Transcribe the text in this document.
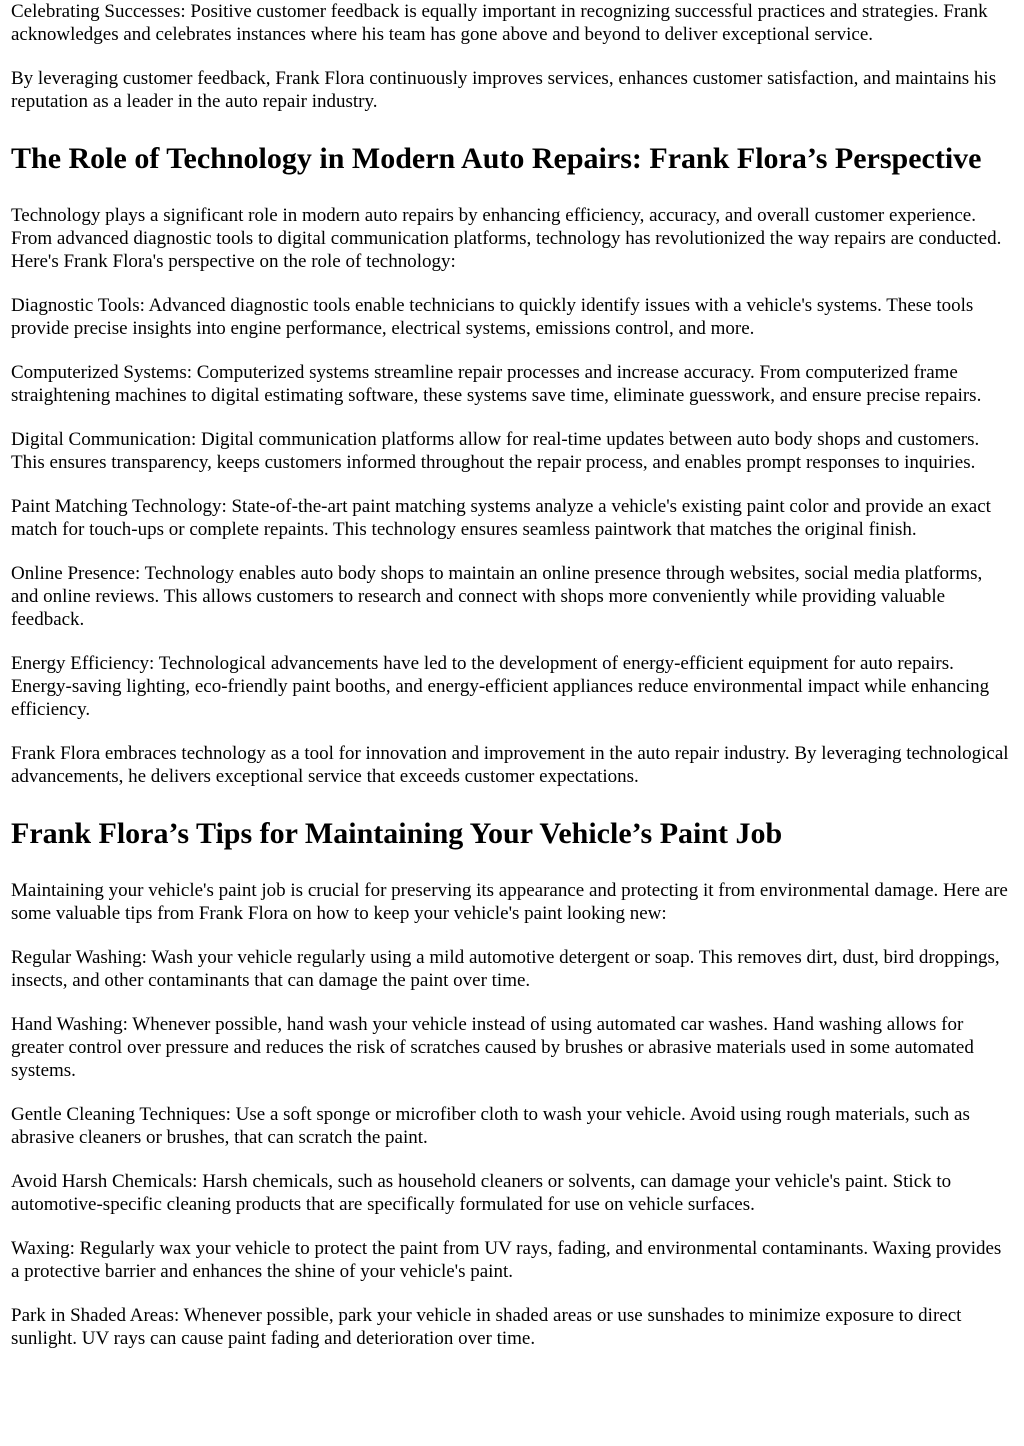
Celebrating Successes: Positive customer feedback is equally important in recognizing successful practices and strategies. Frank acknowledges and celebrates instances where his team has gone above and beyond to deliver exceptional service.

By leveraging customer feedback, Frank Flora continuously improves services, enhances customer satisfaction, and maintains his reputation as a leader in the auto repair industry.

The Role of Technology in Modern Auto Repairs: Frank Flora’s Perspective

Technology plays a significant role in modern auto repairs by enhancing efficiency, accuracy, and overall customer experience. From advanced diagnostic tools to digital communication platforms, technology has revolutionized the way repairs are conducted. Here's Frank Flora's perspective on the role of technology:

Diagnostic Tools: Advanced diagnostic tools enable technicians to quickly identify issues with a vehicle's systems. These tools provide precise insights into engine performance, electrical systems, emissions control, and more.

Computerized Systems: Computerized systems streamline repair processes and increase accuracy. From computerized frame straightening machines to digital estimating software, these systems save time, eliminate guesswork, and ensure precise repairs.

Digital Communication: Digital communication platforms allow for real-time updates between auto body shops and customers. This ensures transparency, keeps customers informed throughout the repair process, and enables prompt responses to inquiries.

Paint Matching Technology: State-of-the-art paint matching systems analyze a vehicle's existing paint color and provide an exact match for touch-ups or complete repaints. This technology ensures seamless paintwork that matches the original finish.

Online Presence: Technology enables auto body shops to maintain an online presence through websites, social media platforms, and online reviews. This allows customers to research and connect with shops more conveniently while providing valuable feedback.

Energy Efficiency: Technological advancements have led to the development of energy-efficient equipment for auto repairs. Energy-saving lighting, eco-friendly paint booths, and energy-efficient appliances reduce environmental impact while enhancing efficiency.

Frank Flora embraces technology as a tool for innovation and improvement in the auto repair industry. By leveraging technological advancements, he delivers exceptional service that exceeds customer expectations.

Frank Flora’s Tips for Maintaining Your Vehicle’s Paint Job

Maintaining your vehicle's paint job is crucial for preserving its appearance and protecting it from environmental damage. Here are some valuable tips from Frank Flora on how to keep your vehicle's paint looking new:

Regular Washing: Wash your vehicle regularly using a mild automotive detergent or soap. This removes dirt, dust, bird droppings, insects, and other contaminants that can damage the paint over time.

Hand Washing: Whenever possible, hand wash your vehicle instead of using automated car washes. Hand washing allows for greater control over pressure and reduces the risk of scratches caused by brushes or abrasive materials used in some automated systems.

Gentle Cleaning Techniques: Use a soft sponge or microfiber cloth to wash your vehicle. Avoid using rough materials, such as abrasive cleaners or brushes, that can scratch the paint.

Avoid Harsh Chemicals: Harsh chemicals, such as household cleaners or solvents, can damage your vehicle's paint. Stick to automotive-specific cleaning products that are specifically formulated for use on vehicle surfaces.

Waxing: Regularly wax your vehicle to protect the paint from UV rays, fading, and environmental contaminants. Waxing provides a protective barrier and enhances the shine of your vehicle's paint.

Park in Shaded Areas: Whenever possible, park your vehicle in shaded areas or use sunshades to minimize exposure to direct sunlight. UV rays can cause paint fading and deterioration over time.
